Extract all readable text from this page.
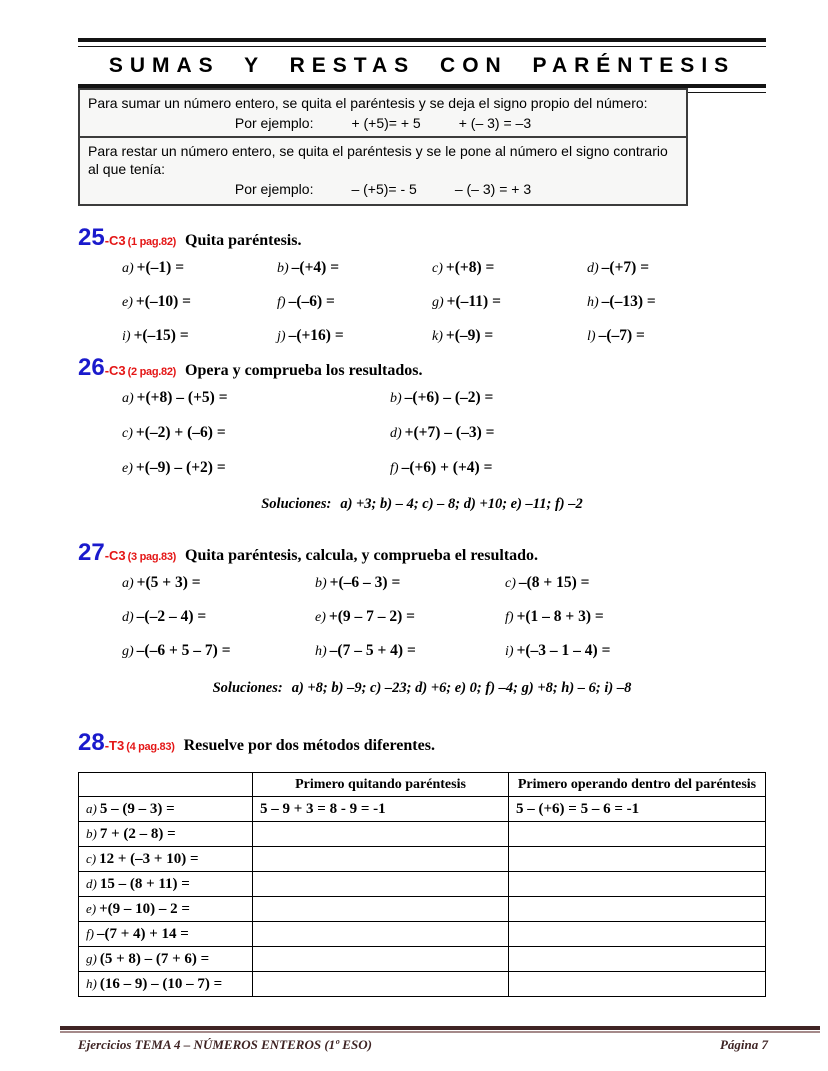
SUMAS Y RESTAS CON PARÉNTESIS

Para sumar un número entero, se quita el paréntesis y se deja el signo propio del número:

Por ejemplo:	+ (+5)= + 5	+ (– 3) = –3

Para restar un número entero, se quita el paréntesis y se le pone al número el signo contrario al que tenía:

Por ejemplo:	– (+5)= - 5	– (– 3) = + 3

25-C3 (1 pag.82) Quita paréntesis.
a) +(–1) =	b) –(+4) =	c) +(+8) =	d) –(+7) =
e) +(–10) =	f) –(–6) =	g) +(–11) =	h) –(–13) =
i) +(–15) =	j) –(+16) =	k) +(–9) =	l) –(–7) =
26-C3 (2 pag.82) Opera y comprueba los resultados.
a) +(+8) – (+5) =	b) –(+6) – (–2) =
c) +(–2) + (–6) =	d) +(+7) – (–3) =
e) +(–9) – (+2) =	f) –(+6) + (+4) =

Soluciones: a) +3; b) – 4; c) – 8; d) +10; e) –11; f) –2

27-C3 (3 pag.83) Quita paréntesis, calcula, y comprueba el resultado.
a) +(5 + 3) =	b) +(–6 – 3) =	c) –(8 + 15) =
d) –(–2 – 4) =	e) +(9 – 7 – 2) =	f) +(1 – 8 + 3) =
g) –(–6 + 5 – 7) =	h) –(7 – 5 + 4) =	i) +(–3 – 1 – 4) =

Soluciones: a) +8; b) –9; c) –23; d) +6; e) 0; f) –4; g) +8; h) – 6; i) –8

28-T3 (4 pag.83) Resuelve por dos métodos diferentes.
	Primero quitando paréntesis	Primero operando dentro del paréntesis
a) 5 – (9 – 3) =	5 – 9 + 3 = 8 - 9 = -1	5 – (+6) = 5 – 6 = -1
b) 7 + (2 – 8) =		
c) 12 + (–3 + 10) =		
d) 15 – (8 + 11) =		
e) +(9 – 10) – 2 =		
f) –(7 + 4) + 14 =		
g) (5 + 8) – (7 + 6) =		
h) (16 – 9) – (10 – 7) =		
Ejercicios TEMA 4 – NÚMEROS ENTEROS (1º ESO)	Página 7
